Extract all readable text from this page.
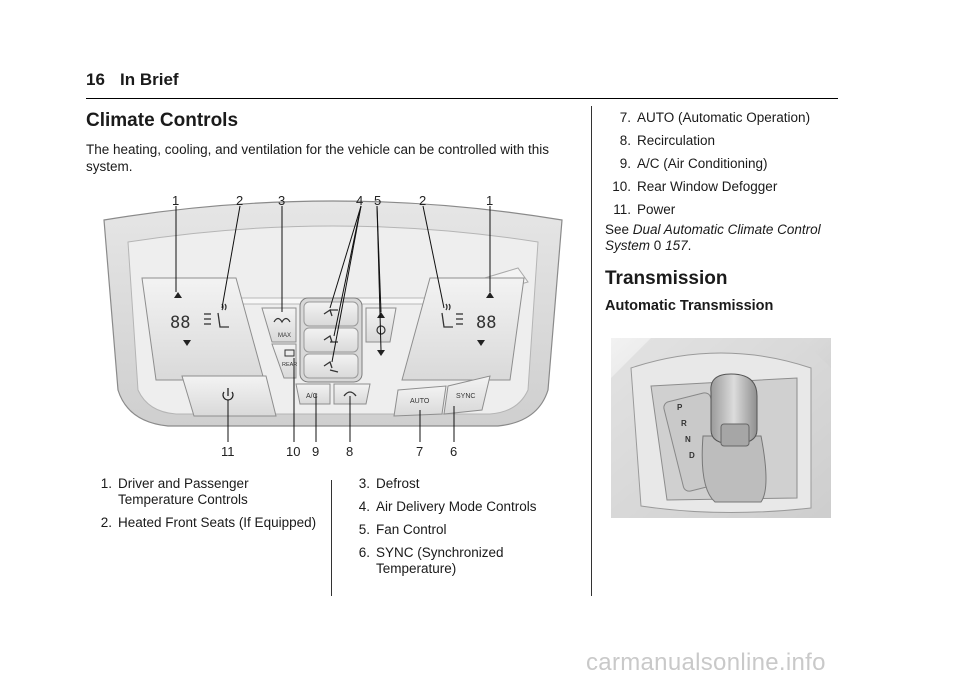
16 In Brief
Climate Controls
The heating, cooling, and ventilation for the vehicle can be controlled with this system.
88	88
MAX
REAR
A/C
AUTO
SYNC
1	2	3	4 5	2	1
11	10 9 8	7 6
1. Driver and Passenger Temperature Controls
2. Heated Front Seats (If Equipped)
3. Defrost
4. Air Delivery Mode Controls
5. Fan Control
6. SYNC (Synchronized Temperature)
7. AUTO (Automatic Operation)
8. Recirculation
9. A/C (Air Conditioning)
10. Rear Window Defogger
11. Power
See Dual Automatic Climate Control System 0 157.
Transmission
Automatic Transmission
P
R
N
D
carmanualsonline.info
